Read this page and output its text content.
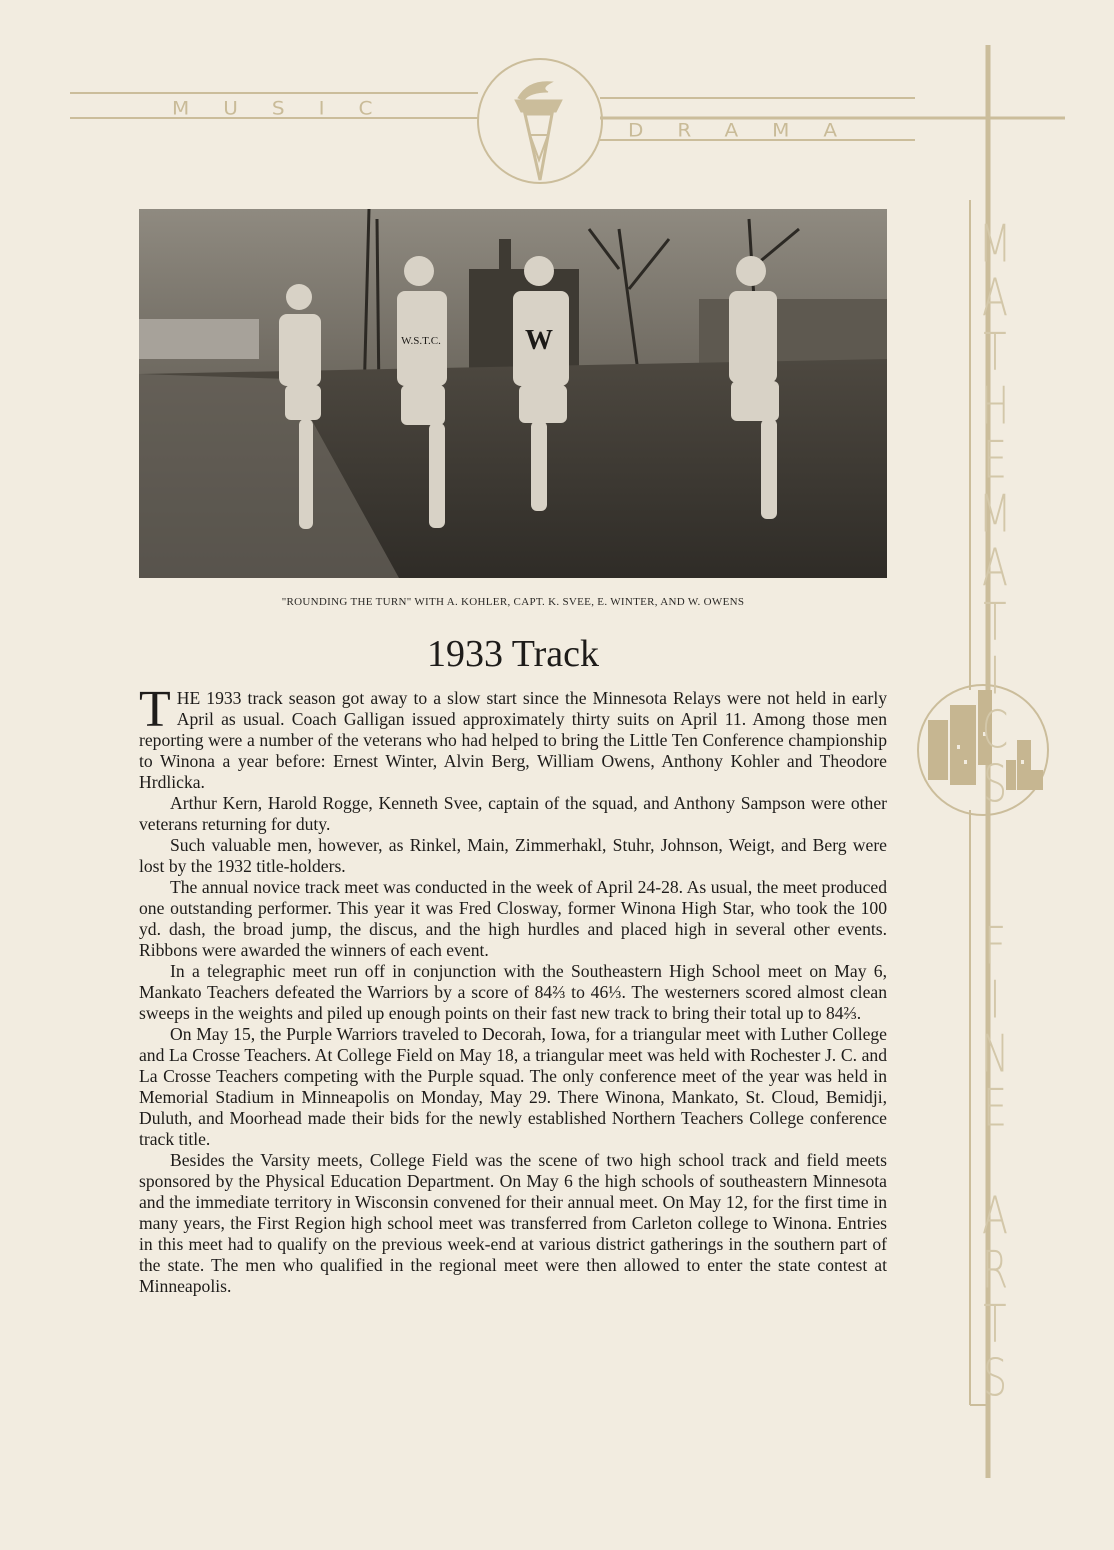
MUSIC
DRAMA
M
A
T
H
E
M
A
T
I
C
S
F
I
N
E
A
R
T
S
W
W.S.T.C.
"ROUNDING THE TURN" WITH A. KOHLER, CAPT. K. SVEE, E. WINTER, AND W. OWENS
1933 Track

THE 1933 track season got away to a slow start since the Minnesota Relays were not held in early April as usual. Coach Galligan issued approximately thirty suits on April 11. Among those men reporting were a number of the veterans who had helped to bring the Little Ten Conference championship to Winona a year before: Ernest Winter, Alvin Berg, William Owens, Anthony Kohler and Theodore Hrdlicka.

Arthur Kern, Harold Rogge, Kenneth Svee, captain of the squad, and Anthony Sampson were other veterans returning for duty.

Such valuable men, however, as Rinkel, Main, Zimmerhakl, Stuhr, Johnson, Weigt, and Berg were lost by the 1932 title-holders.

The annual novice track meet was conducted in the week of April 24-28. As usual, the meet produced one outstanding performer. This year it was Fred Closway, former Winona High Star, who took the 100 yd. dash, the broad jump, the discus, and the high hurdles and placed high in several other events. Ribbons were awarded the winners of each event.

In a telegraphic meet run off in conjunction with the Southeastern High School meet on May 6, Mankato Teachers defeated the Warriors by a score of 84⅔ to 46⅓. The westerners scored almost clean sweeps in the weights and piled up enough points on their fast new track to bring their total up to 84⅔.

On May 15, the Purple Warriors traveled to Decorah, Iowa, for a triangular meet with Luther College and La Crosse Teachers. At College Field on May 18, a triangular meet was held with Rochester J. C. and La Crosse Teachers competing with the Purple squad. The only conference meet of the year was held in Memorial Stadium in Minneapolis on Monday, May 29. There Winona, Mankato, St. Cloud, Bemidji, Duluth, and Moorhead made their bids for the newly established Northern Teachers College conference track title.

Besides the Varsity meets, College Field was the scene of two high school track and field meets sponsored by the Physical Education Department. On May 6 the high schools of southeastern Minnesota and the immediate territory in Wisconsin convened for their annual meet. On May 12, for the first time in many years, the First Region high school meet was transferred from Carleton college to Winona. Entries in this meet had to qualify on the previous week-end at various district gatherings in the southern part of the state. The men who qualified in the regional meet were then allowed to enter the state contest at Minneapolis.
